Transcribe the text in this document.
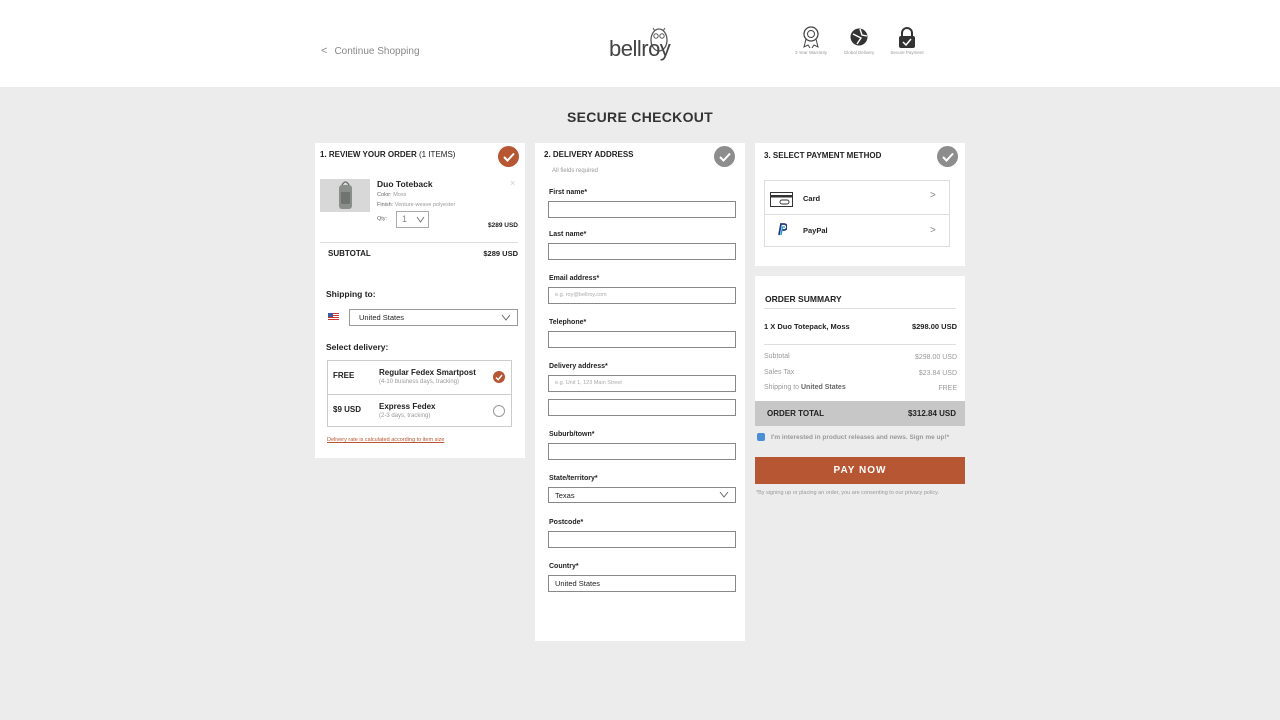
< Continue Shopping	bellroy	3 Year Warranty	Global Delivery	Secure Payment
SECURE CHECKOUT
1. REVIEW YOUR ORDER (1 ITEMS)
Duo Toteback
Color: Moss
Finish: Venture-weave polyester
×
Qty:	1
$289 USD
SUBTOTAL	$289 USD
Shipping to:
United States
Select delivery:
FREE	Regular Fedex Smartpost
(4-10 business days, tracking)
$9 USD Express Fedex
(2-3 days, tracking)
Delivery rate is calculated according to item size
2. DELIVERY ADDRESS
All fields required
First name*
Last name*
Email address*
e.g. roy@bellroy.com
Telephone*
Delivery address*
e.g. Unit 1, 123 Main Street
Suburb/town*
State/territory*
Texas
Postcode*
Country*
United States
3. SELECT PAYMENT METHOD
Card	>
PayPal	>
ORDER SUMMARY
1 X Duo Totepack, Moss	$298.00 USD
Subtotal	$298.00 USD
Sales Tax	$23.84 USD
Shipping to United States	FREE
ORDER TOTAL	$312.84 USD
I'm interested in product releases and news. Sign me up!*
PAY NOW
*By signing up or placing an order, you are consenting to our privacy policy.
